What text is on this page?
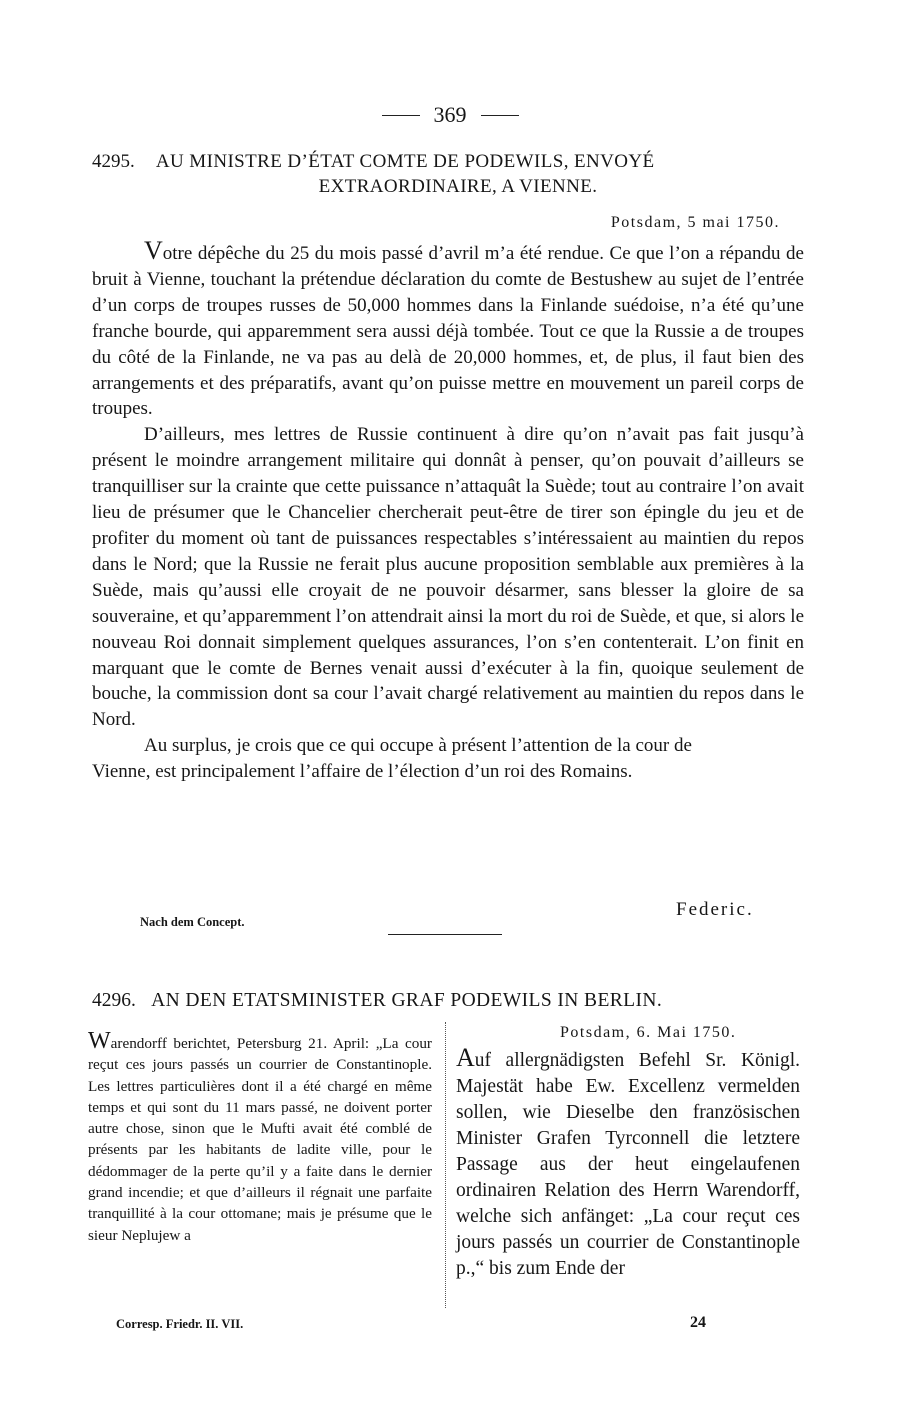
369
4295. AU MINISTRE D’ÉTAT COMTE DE PODEWILS, ENVOYÉ
EXTRAORDINAIRE, A VIENNE.
Potsdam, 5 mai 1750.

Votre dépêche du 25 du mois passé d’avril m’a été rendue. Ce que l’on a répandu de bruit à Vienne, touchant la prétendue déclaration du comte de Bestushew au sujet de l’entrée d’un corps de troupes russes de 50,000 hommes dans la Finlande suédoise, n’a été qu’une franche bourde, qui apparemment sera aussi déjà tombée. Tout ce que la Russie a de troupes du côté de la Finlande, ne va pas au delà de 20,000 hommes, et, de plus, il faut bien des arrangements et des préparatifs, avant qu’on puisse mettre en mouvement un pareil corps de troupes.

D’ailleurs, mes lettres de Russie continuent à dire qu’on n’avait pas fait jusqu’à présent le moindre arrangement militaire qui donnât à penser, qu’on pouvait d’ailleurs se tranquilliser sur la crainte que cette puissance n’attaquât la Suède; tout au contraire l’on avait lieu de présumer que le Chancelier chercherait peut-être de tirer son épingle du jeu et de profiter du moment où tant de puissances respectables s’intéressaient au maintien du repos dans le Nord; que la Russie ne ferait plus aucune proposition semblable aux premières à la Suède, mais qu’aussi elle croyait de ne pouvoir désarmer, sans blesser la gloire de sa souveraine, et qu’apparemment l’on attendrait ainsi la mort du roi de Suède, et que, si alors le nouveau Roi donnait simplement quelques assurances, l’on s’en contenterait. L’on finit en marquant que le comte de Bernes venait aussi d’exécuter à la fin, quoique seulement de bouche, la commission dont sa cour l’avait chargé relativement au maintien du repos dans le Nord.

Au surplus, je crois que ce qui occupe à présent l’attention de la cour de Vienne, est principalement l’affaire de l’élection d’un roi des Romains.

Federic.
Nach dem Concept.
4296. AN DEN ETATSMINISTER GRAF PODEWILS IN BERLIN.
Potsdam, 6. Mai 1750.

Warendorff berichtet, Petersburg 21. April: „La cour reçut ces jours passés un courrier de Constantinople. Les lettres particulières dont il a été chargé en même temps et qui sont du 11 mars passé, ne doivent porter autre chose, sinon que le Mufti avait été comblé de présents par les habitants de ladite ville, pour le dédommager de la perte qu’il y a faite dans le dernier grand incendie; et que d’ailleurs il régnait une parfaite tranquillité à la cour ottomane; mais je présume que le sieur Neplujew a

Auf allergnädigsten Befehl Sr. Königl. Majestät habe Ew. Excellenz vermelden sollen, wie Dieselbe den französischen Minister Grafen Tyrconnell die letztere Passage aus der heut eingelaufenen ordinairen Relation des Herrn Warendorff, welche sich anfänget: „La cour reçut ces jours passés un courrier de Constantinople p.,“ bis zum Ende der

Corresp. Friedr. II. VII.	24
